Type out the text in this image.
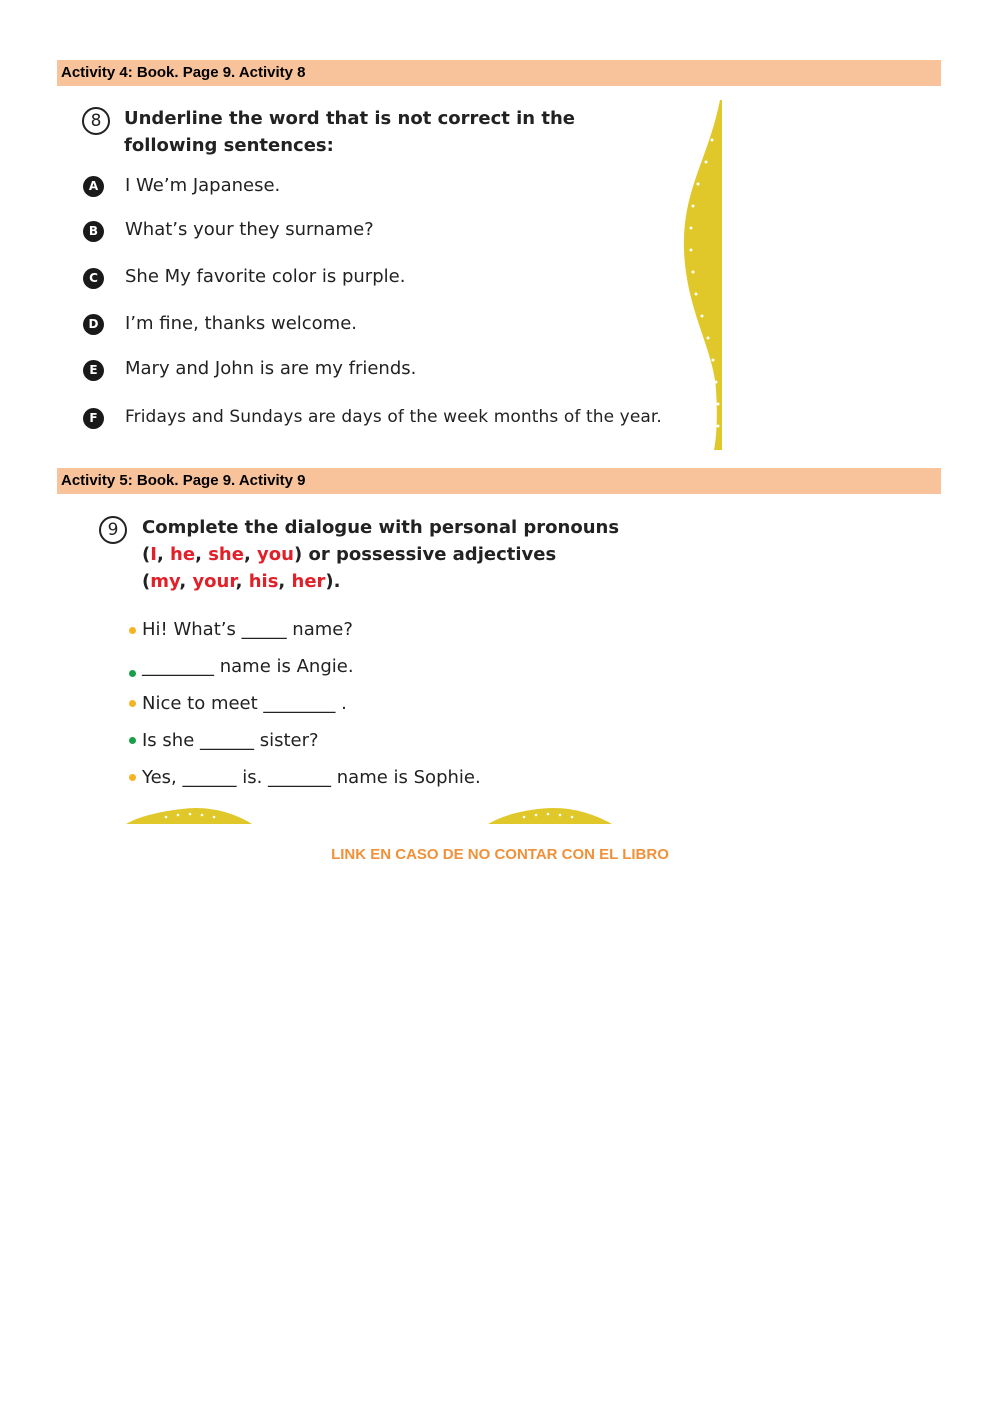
Activity 4: Book. Page 9. Activity 8
8	Underline the word that is not correct in the
following sentences:
A	I We’m Japanese.
B	What’s your they surname?
C	She My favorite color is purple.
D	I’m fine, thanks welcome.
E	Mary and John is are my friends.
F	Fridays and Sundays are days of the week months of the year.
Activity 5: Book. Page 9. Activity 9
9	Complete the dialogue with personal pronouns
(I, he, she, you) or possessive adjectives
(my, your, his, her).
Hi! What’s _____ name?
________ name is Angie.
Nice to meet ________ .
Is she ______ sister?
Yes, ______ is. _______ name is Sophie.
LINK EN CASO DE NO CONTAR CON EL LIBRO
